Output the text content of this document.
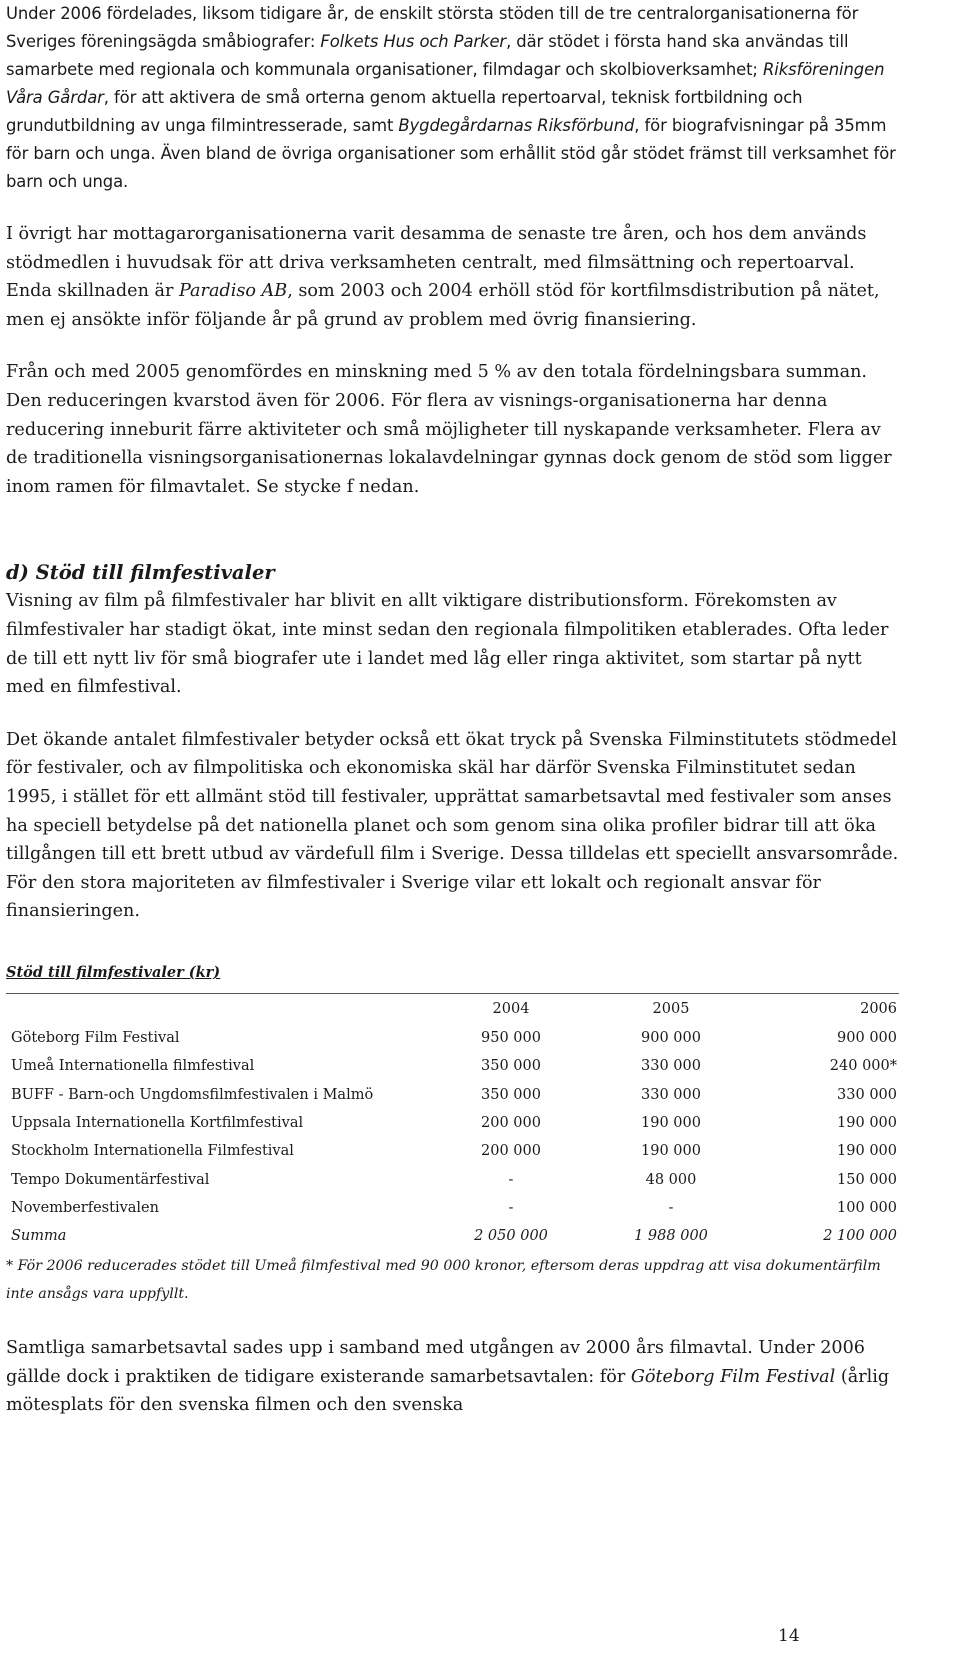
Under 2006 fördelades, liksom tidigare år, de enskilt största stöden till de tre centralorganisationerna för Sveriges föreningsägda småbiografer: Folkets Hus och Parker, där stödet i första hand ska användas till samarbete med regionala och kommunala organisationer, filmdagar och skolbioverksamhet; Riksföreningen Våra Gårdar, för att aktivera de små orterna genom aktuella repertoarval, teknisk fortbildning och grundutbildning av unga filmintresserade, samt Bygdegårdarnas Riksförbund, för biografvisningar på 35mm för barn och unga. Även bland de övriga organisationer som erhållit stöd går stödet främst till verksamhet för barn och unga.

I övrigt har mottagarorganisationerna varit desamma de senaste tre åren, och hos dem används stödmedlen i huvudsak för att driva verksamheten centralt, med filmsättning och repertoarval. Enda skillnaden är Paradiso AB, som 2003 och 2004 erhöll stöd för kortfilmsdistribution på nätet, men ej ansökte inför följande år på grund av problem med övrig finansiering.

Från och med 2005 genomfördes en minskning med 5 % av den totala fördelningsbara summan. Den reduceringen kvarstod även för 2006. För flera av visnings-organisationerna har denna reducering inneburit färre aktiviteter och små möjligheter till nyskapande verksamheter. Flera av de traditionella visningsorganisationernas lokalavdelningar gynnas dock genom de stöd som ligger inom ramen för filmavtalet. Se stycke f nedan.

d) Stöd till filmfestivaler

Visning av film på filmfestivaler har blivit en allt viktigare distributionsform. Förekomsten av filmfestivaler har stadigt ökat, inte minst sedan den regionala filmpolitiken etablerades. Ofta leder de till ett nytt liv för små biografer ute i landet med låg eller ringa aktivitet, som startar på nytt med en filmfestival.

Det ökande antalet filmfestivaler betyder också ett ökat tryck på Svenska Filminstitutets stödmedel för festivaler, och av filmpolitiska och ekonomiska skäl har därför Svenska Filminstitutet sedan 1995, i stället för ett allmänt stöd till festivaler, upprättat samarbetsavtal med festivaler som anses ha speciell betydelse på det nationella planet och som genom sina olika profiler bidrar till att öka tillgången till ett brett utbud av värdefull film i Sverige. Dessa tilldelas ett speciellt ansvarsområde. För den stora majoriteten av filmfestivaler i Sverige vilar ett lokalt och regionalt ansvar för finansieringen.

Stöd till filmfestivaler (kr)
	2004	2005	2006
Göteborg Film Festival	950 000	900 000	900 000
Umeå Internationella filmfestival	350 000	330 000	240 000*
BUFF - Barn-och Ungdomsfilmfestivalen i Malmö	350 000	330 000	330 000
Uppsala Internationella Kortfilmfestival	200 000	190 000	190 000
Stockholm Internationella Filmfestival	200 000	190 000	190 000
Tempo Dokumentärfestival	-	48 000	150 000
Novemberfestivalen	-	-	100 000
Summa	2 050 000	1 988 000	2 100 000

* För 2006 reducerades stödet till Umeå filmfestival med 90 000 kronor, eftersom deras uppdrag att visa dokumentärfilm inte ansågs vara uppfyllt.

Samtliga samarbetsavtal sades upp i samband med utgången av 2000 års filmavtal. Under 2006 gällde dock i praktiken de tidigare existerande samarbetsavtalen: för Göteborg Film Festival (årlig mötesplats för den svenska filmen och den svenska

14
